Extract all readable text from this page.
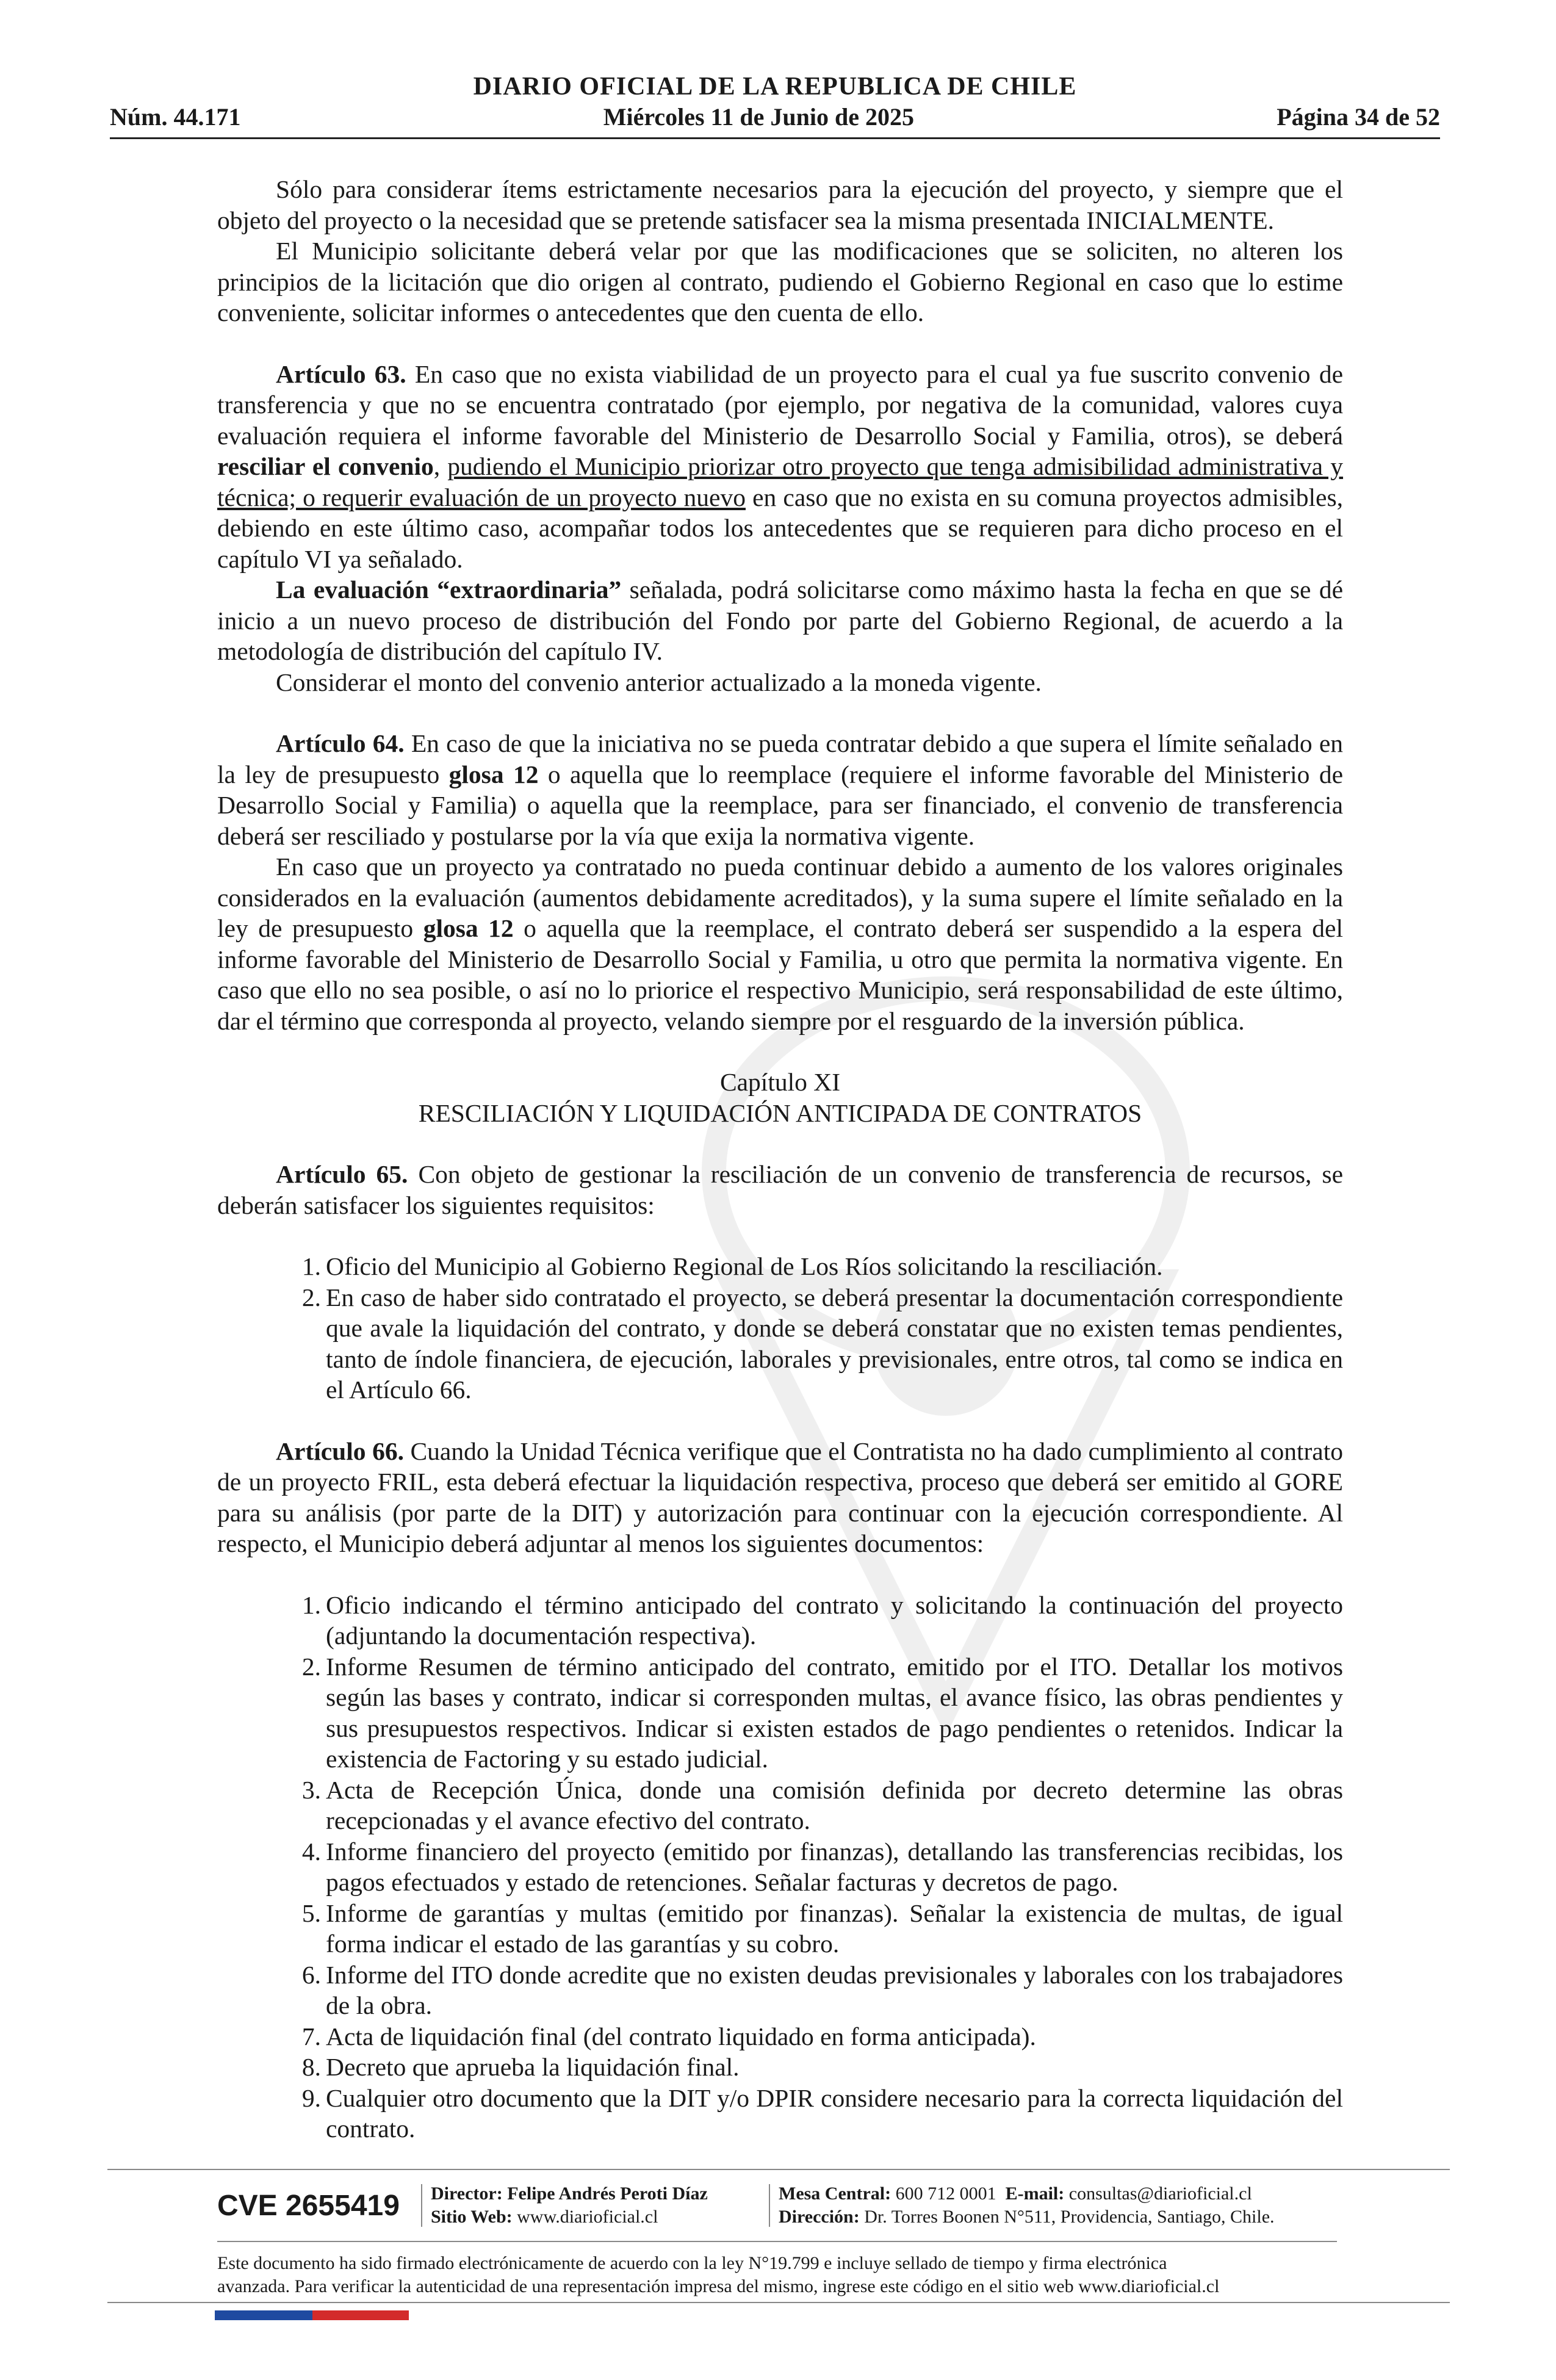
DIARIO OFICIAL DE LA REPUBLICA DE CHILE
Núm. 44.171	Miércoles 11 de Junio de 2025	Página 34 de 52

Sólo para considerar ítems estrictamente necesarios para la ejecución del proyecto, y siempre que el objeto del proyecto o la necesidad que se pretende satisfacer sea la misma presentada INICIALMENTE.

El Municipio solicitante deberá velar por que las modificaciones que se soliciten, no alteren los principios de la licitación que dio origen al contrato, pudiendo el Gobierno Regional en caso que lo estime conveniente, solicitar informes o antecedentes que den cuenta de ello.

Artículo 63. En caso que no exista viabilidad de un proyecto para el cual ya fue suscrito convenio de transferencia y que no se encuentra contratado (por ejemplo, por negativa de la comunidad, valores cuya evaluación requiera el informe favorable del Ministerio de Desarrollo Social y Familia, otros), se deberá resciliar el convenio, pudiendo el Municipio priorizar otro proyecto que tenga admisibilidad administrativa y técnica; o requerir evaluación de un proyecto nuevo en caso que no exista en su comuna proyectos admisibles, debiendo en este último caso, acompañar todos los antecedentes que se requieren para dicho proceso en el capítulo VI ya señalado.

La evaluación “extraordinaria” señalada, podrá solicitarse como máximo hasta la fecha en que se dé inicio a un nuevo proceso de distribución del Fondo por parte del Gobierno Regional, de acuerdo a la metodología de distribución del capítulo IV.

Considerar el monto del convenio anterior actualizado a la moneda vigente.

Artículo 64. En caso de que la iniciativa no se pueda contratar debido a que supera el límite señalado en la ley de presupuesto glosa 12 o aquella que lo reemplace (requiere el informe favorable del Ministerio de Desarrollo Social y Familia) o aquella que la reemplace, para ser financiado, el convenio de transferencia deberá ser resciliado y postularse por la vía que exija la normativa vigente.

En caso que un proyecto ya contratado no pueda continuar debido a aumento de los valores originales considerados en la evaluación (aumentos debidamente acreditados), y la suma supere el límite señalado en la ley de presupuesto glosa 12 o aquella que la reemplace, el contrato deberá ser suspendido a la espera del informe favorable del Ministerio de Desarrollo Social y Familia, u otro que permita la normativa vigente. En caso que ello no sea posible, o así no lo priorice el respectivo Municipio, será responsabilidad de este último, dar el término que corresponda al proyecto, velando siempre por el resguardo de la inversión pública.

Capítulo XI

RESCILIACIÓN Y LIQUIDACIÓN ANTICIPADA DE CONTRATOS

Artículo 65. Con objeto de gestionar la resciliación de un convenio de transferencia de recursos, se deberán satisfacer los siguientes requisitos:

1. Oficio del Municipio al Gobierno Regional de Los Ríos solicitando la resciliación.
2. En caso de haber sido contratado el proyecto, se deberá presentar la documentación correspondiente que avale la liquidación del contrato, y donde se deberá constatar que no existen temas pendientes, tanto de índole financiera, de ejecución, laborales y previsionales, entre otros, tal como se indica en el Artículo 66.

Artículo 66. Cuando la Unidad Técnica verifique que el Contratista no ha dado cumplimiento al contrato de un proyecto FRIL, esta deberá efectuar la liquidación respectiva, proceso que deberá ser emitido al GORE para su análisis (por parte de la DIT) y autorización para continuar con la ejecución correspondiente. Al respecto, el Municipio deberá adjuntar al menos los siguientes documentos:

1. Oficio indicando el término anticipado del contrato y solicitando la continuación del proyecto (adjuntando la documentación respectiva).
2. Informe Resumen de término anticipado del contrato, emitido por el ITO. Detallar los motivos según las bases y contrato, indicar si corresponden multas, el avance físico, las obras pendientes y sus presupuestos respectivos. Indicar si existen estados de pago pendientes o retenidos. Indicar la existencia de Factoring y su estado judicial.
3. Acta de Recepción Única, donde una comisión definida por decreto determine las obras recepcionadas y el avance efectivo del contrato.
4. Informe financiero del proyecto (emitido por finanzas), detallando las transferencias recibidas, los pagos efectuados y estado de retenciones. Señalar facturas y decretos de pago.
5. Informe de garantías y multas (emitido por finanzas). Señalar la existencia de multas, de igual forma indicar el estado de las garantías y su cobro.
6. Informe del ITO donde acredite que no existen deudas previsionales y laborales con los trabajadores de la obra.
7. Acta de liquidación final (del contrato liquidado en forma anticipada).
8. Decreto que aprueba la liquidación final.
9. Cualquier otro documento que la DIT y/o DPIR considere necesario para la correcta liquidación del contrato.
CVE 2655419	Director: Felipe Andrés Peroti Díaz
Sitio Web: www.diarioficial.cl
Mesa Central: 600 712 0001 E-mail: consultas@diarioficial.cl
Dirección: Dr. Torres Boonen N°511, Providencia, Santiago, Chile.
Este documento ha sido firmado electrónicamente de acuerdo con la ley N°19.799 e incluye sellado de tiempo y firma electrónica
avanzada. Para verificar la autenticidad de una representación impresa del mismo, ingrese este código en el sitio web www.diarioficial.cl
